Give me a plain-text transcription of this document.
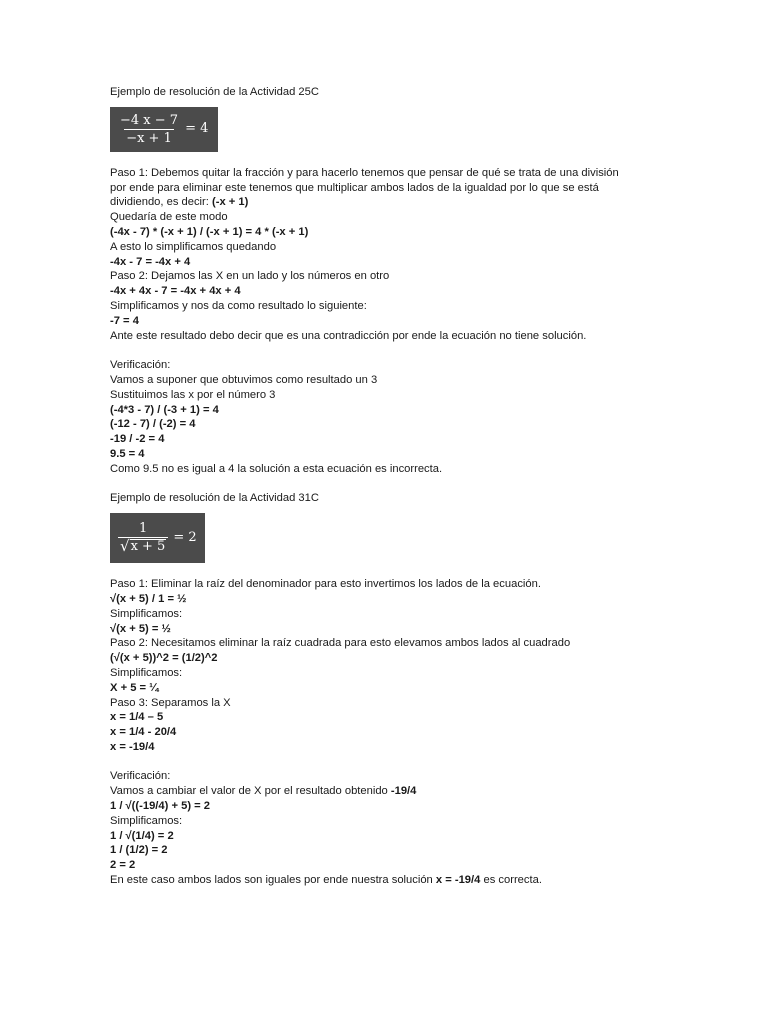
Ejemplo de resolución de la Actividad 25C
$\frac{-4 x - 7}{-x + 1} = 4$
Paso 1: Debemos quitar la fracción y para hacerlo tenemos que pensar de qué se trata de una división
por ende para eliminar este tenemos que multiplicar ambos lados de la igualdad por lo que se está
dividiendo, es decir: (-x + 1)
Quedaría de este modo
(-4x - 7) * (-x + 1) / (-x + 1) = 4 * (-x + 1)
A esto lo simplificamos quedando
-4x - 7 = -4x + 4
Paso 2: Dejamos las X en un lado y los números en otro
-4x + 4x - 7 = -4x + 4x + 4
Simplificamos y nos da como resultado lo siguiente:
-7 = 4
Ante este resultado debo decir que es una contradicción por ende la ecuación no tiene solución.
Verificación:
Vamos a suponer que obtuvimos como resultado un 3
Sustituimos las x por el número 3
(-4*3 - 7) / (-3 + 1) = 4
(-12 - 7) / (-2) = 4
-19 / -2 = 4
9.5 = 4
Como 9.5 no es igual a 4 la solución a esta ecuación es incorrecta.
Ejemplo de resolución de la Actividad 31C
$\frac{1}{√ x + 5} = 2$
Paso 1: Eliminar la raíz del denominador para esto invertimos los lados de la ecuación.
√(x + 5) / 1 = ½
Simplificamos:
√(x + 5) = ½
Paso 2: Necesitamos eliminar la raíz cuadrada para esto elevamos ambos lados al cuadrado
(√(x + 5))^2 = (1/2)^2
Simplificamos:
X + 5 = ¼
Paso 3: Separamos la X
x = 1/4 – 5
x = 1/4 - 20/4
x = -19/4
Verificación:
Vamos a cambiar el valor de X por el resultado obtenido -19/4
1 / √((-19/4) + 5) = 2
Simplificamos:
1 / √(1/4) = 2
1 / (1/2) = 2
2 = 2
En este caso ambos lados son iguales por ende nuestra solución x = -19/4 es correcta.
